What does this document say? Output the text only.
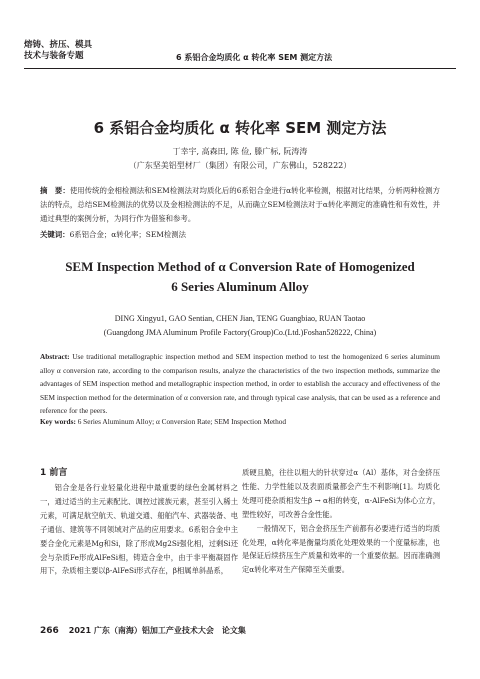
熔铸、挤压、模具
技术与装备专题	6 系铝合金均质化 α 转化率 SEM 测定方法
6 系铝合金均质化 α 转化率 SEM 测定方法
丁幸宇, 高森田, 陈 俭, 滕广标, 阮涛涛
（广东坚美铝型材厂（集团）有限公司，广东佛山，528222）
摘　要：使用传统的金相检测法和SEM检测法对均质化后的6系铝合金进行α转化率检测，根据对比结果，分析两种检测方法的特点，总结SEM检测法的优势以及金相检测法的不足，从而确立SEM检测法对于α转化率测定的准确性和有效性，并通过典型的案例分析，为同行作为借鉴和参考。
关键词：6系铝合金；α转化率；SEM检测法
SEM Inspection Method of α Conversion Rate of Homogenized
6 Series Aluminum Alloy
DING Xingyu1, GAO Sentian, CHEN Jian, TENG Guangbiao, RUAN Taotao
(Guangdong JMA Aluminum Profile Factory(Group)Co.(Ltd.)Foshan528222, China)
Abstract: Use traditional metallographic inspection method and SEM inspection method to test the homogenized 6 series aluminum alloy α conversion rate, according to the comparison results, analyze the characteristics of the two inspection methods, summarize the advantages of SEM inspection method and metallographic inspection method, in order to establish the accuracy and effectiveness of the SEM inspection method for the determination of α conversion rate, and through typical case analysis, that can be used as a reference and reference for the peers.
Key words: 6 Series Aluminum Alloy; α Conversion Rate; SEM Inspection Method
1 前言

铝合金是各行业轻量化进程中最重要的绿色金属材料之一，通过适当的主元素配比、调控过渡族元素，甚至引入稀土元素，可满足航空航天、轨道交通、船舶汽车、武器装备、电子通信、建筑等不同领域对产品的应用要求。6系铝合金中主要合金化元素是Mg和Si，除了形成Mg2Si强化相，过剩Si还会与杂质Fe形成AlFeSi相，铸造合金中，由于非平衡凝固作用下，杂质相主要以β-AlFeSi形式存在，β相属单斜晶系，

质硬且脆，往往以粗大的针状穿过α（Al）基体，对合金挤压性能、力学性能以及表面质量都会产生不利影响[1]。均质化处理可使杂质相发生β → α相的转变，α-AlFeSi为体心立方，塑性较好，可改善合金性能。

一般情况下，铝合金挤压生产前都有必要进行适当的均质化处理，α转化率是衡量均质化处理效果的一个度量标准，也是保证后续挤压生产质量和效率的一个重要依据。因而准确测定α转化率对生产保障至关重要。

266 2021 广东（南海）铝加工产业技术大会　论文集
